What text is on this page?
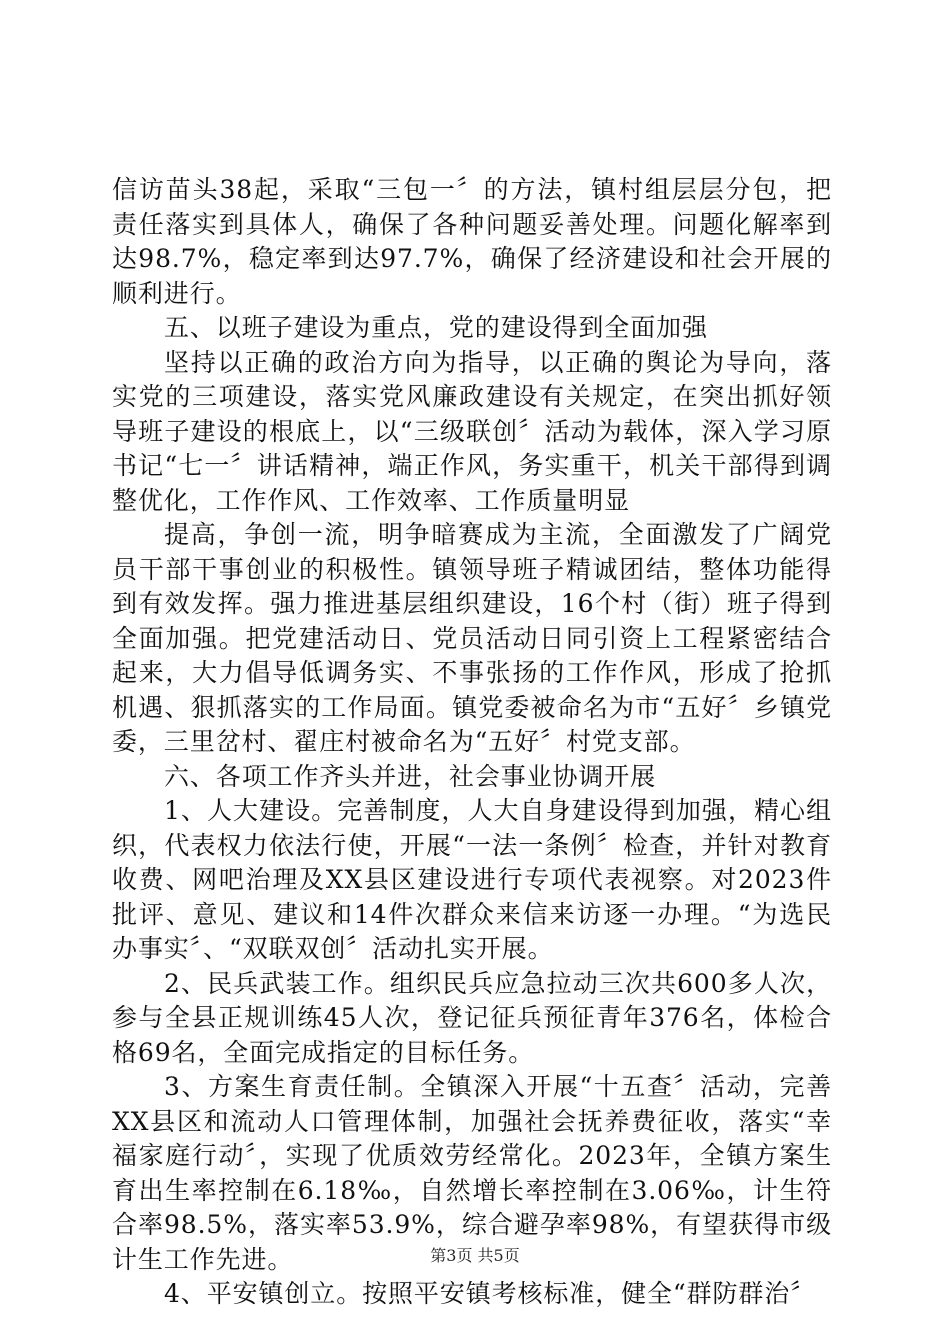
信访苗头38起，采取“三包一〞的方法，镇村组层层分包，把责任落实到具体人，确保了各种问题妥善处理。问题化解率到达98.7%，稳定率到达97.7%，确保了经济建设和社会开展的顺利进行。

五、以班子建设为重点，党的建设得到全面加强

坚持以正确的政治方向为指导，以正确的舆论为导向，落实党的三项建设，落实党风廉政建设有关规定，在突出抓好领导班子建设的根底上，以“三级联创〞活动为载体，深入学习原书记“七一〞讲话精神，端正作风，务实重干，机关干部得到调整优化，工作作风、工作效率、工作质量明显

提高，争创一流，明争暗赛成为主流，全面激发了广阔党员干部干事创业的积极性。镇领导班子精诚团结，整体功能得到有效发挥。强力推进基层组织建设，16个村（街）班子得到全面加强。把党建活动日、党员活动日同引资上工程紧密结合起来，大力倡导低调务实、不事张扬的工作作风，形成了抢抓机遇、狠抓落实的工作局面。镇党委被命名为市“五好〞乡镇党委，三里岔村、翟庄村被命名为“五好〞村党支部。

六、各项工作齐头并进，社会事业协调开展

1、人大建设。完善制度，人大自身建设得到加强，精心组织，代表权力依法行使，开展“一法一条例〞检查，并针对教育收费、网吧治理及XX县区建设进行专项代表视察。对2023件批评、意见、建议和14件次群众来信来访逐一办理。“为选民办事实〞、“双联双创〞活动扎实开展。

2、民兵武装工作。组织民兵应急拉动三次共600多人次，参与全县正规训练45人次，登记征兵预征青年376名，体检合格69名，全面完成指定的目标任务。

3、方案生育责任制。全镇深入开展“十五查〞活动，完善XX县区和流动人口管理体制，加强社会抚养费征收，落实“幸福家庭行动〞，实现了优质效劳经常化。2023年，全镇方案生育出生率控制在6.18‰，自然增长率控制在3.06‰，计生符合率98.5%，落实率53.9%，综合避孕率98%，有望获得市级计生工作先进。

4、平安镇创立。按照平安镇考核标准，健全“群防群治〞

第3页 共5页
